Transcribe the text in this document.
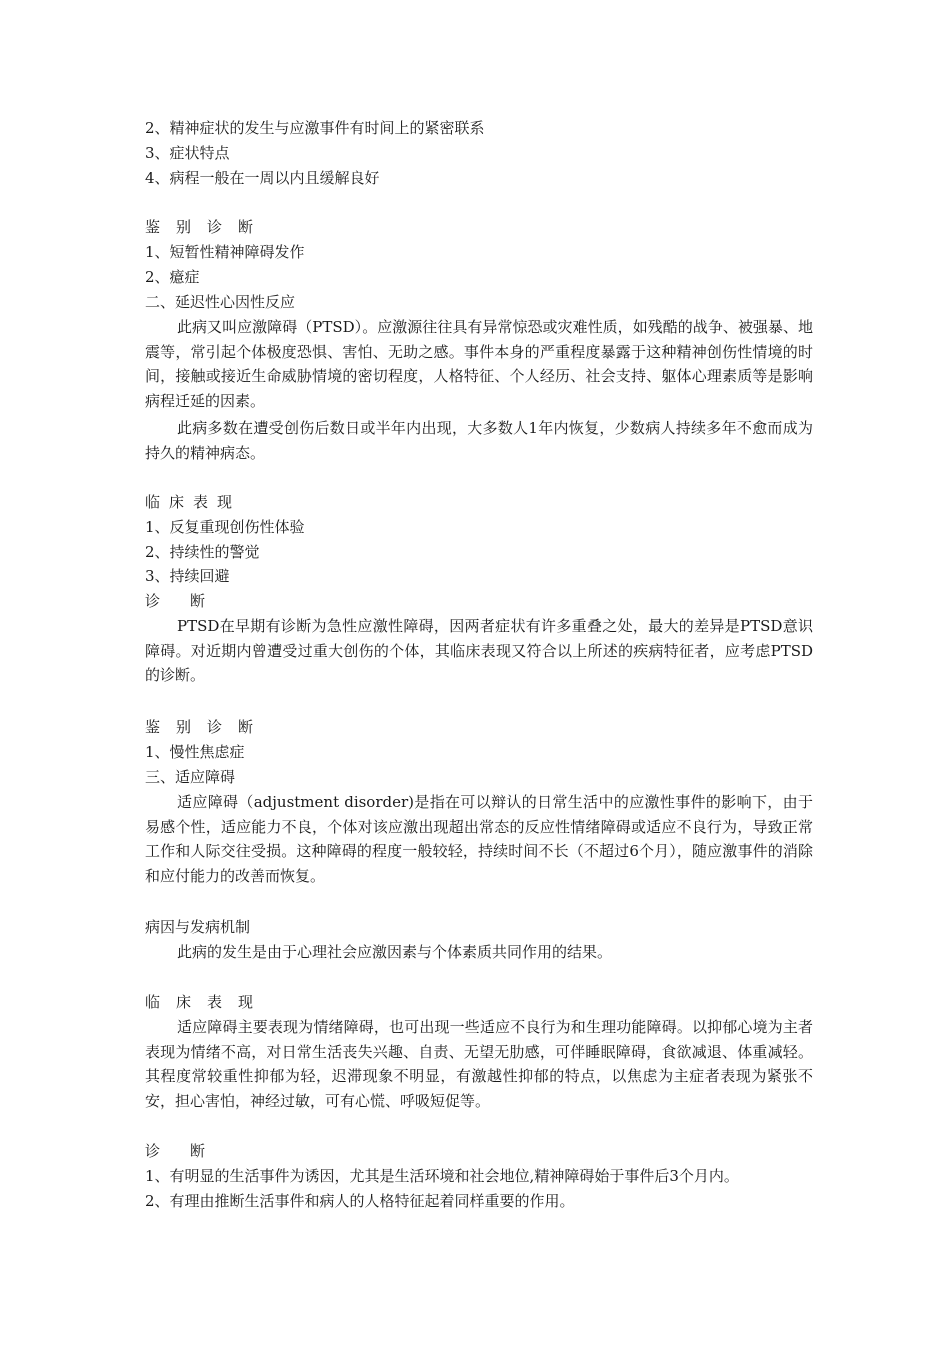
2、精神症状的发生与应激事件有时间上的紧密联系
3、症状特点
4、病程一般在一周以内且缓解良好
鉴别诊断
1、短暂性精神障碍发作
2、癔症
二、延迟性心因性反应
此病又叫应激障碍（PTSD）。应激源往往具有异常惊恐或灾难性质，如残酷的战争、被强暴、地震等，常引起个体极度恐惧、害怕、无助之感。事件本身的严重程度暴露于这种精神创伤性情境的时间，接触或接近生命威胁情境的密切程度，人格特征、个人经历、社会支持、躯体心理素质等是影响病程迁延的因素。
此病多数在遭受创伤后数日或半年内出现，大多数人1年内恢复，少数病人持续多年不愈而成为持久的精神病态。
临床表现
1、反复重现创伤性体验
2、持续性的警觉
3、持续回避
诊断
PTSD在早期有诊断为急性应激性障碍，因两者症状有许多重叠之处，最大的差异是PTSD意识障碍。对近期内曾遭受过重大创伤的个体，其临床表现又符合以上所述的疾病特征者，应考虑PTSD的诊断。
鉴别诊断
1、慢性焦虑症
三、适应障碍
适应障碍（adjustment disorder)是指在可以辩认的日常生活中的应激性事件的影响下，由于易感个性，适应能力不良，个体对该应激出现超出常态的反应性情绪障碍或适应不良行为，导致正常工作和人际交往受损。这种障碍的程度一般较轻，持续时间不长（不超过6个月），随应激事件的消除和应付能力的改善而恢复。
病因与发病机制
此病的发生是由于心理社会应激因素与个体素质共同作用的结果。
临床表现
适应障碍主要表现为情绪障碍，也可出现一些适应不良行为和生理功能障碍。以抑郁心境为主者表现为情绪不高，对日常生活丧失兴趣、自责、无望无肋感，可伴睡眠障碍，食欲减退、体重减轻。其程度常较重性抑郁为轻，迟滞现象不明显，有激越性抑郁的特点，以焦虑为主症者表现为紧张不安，担心害怕，神经过敏，可有心慌、呼吸短促等。
诊断
1、有明显的生活事件为诱因，尤其是生活环境和社会地位,精神障碍始于事件后3个月内。
2、有理由推断生活事件和病人的人格特征起着同样重要的作用。
